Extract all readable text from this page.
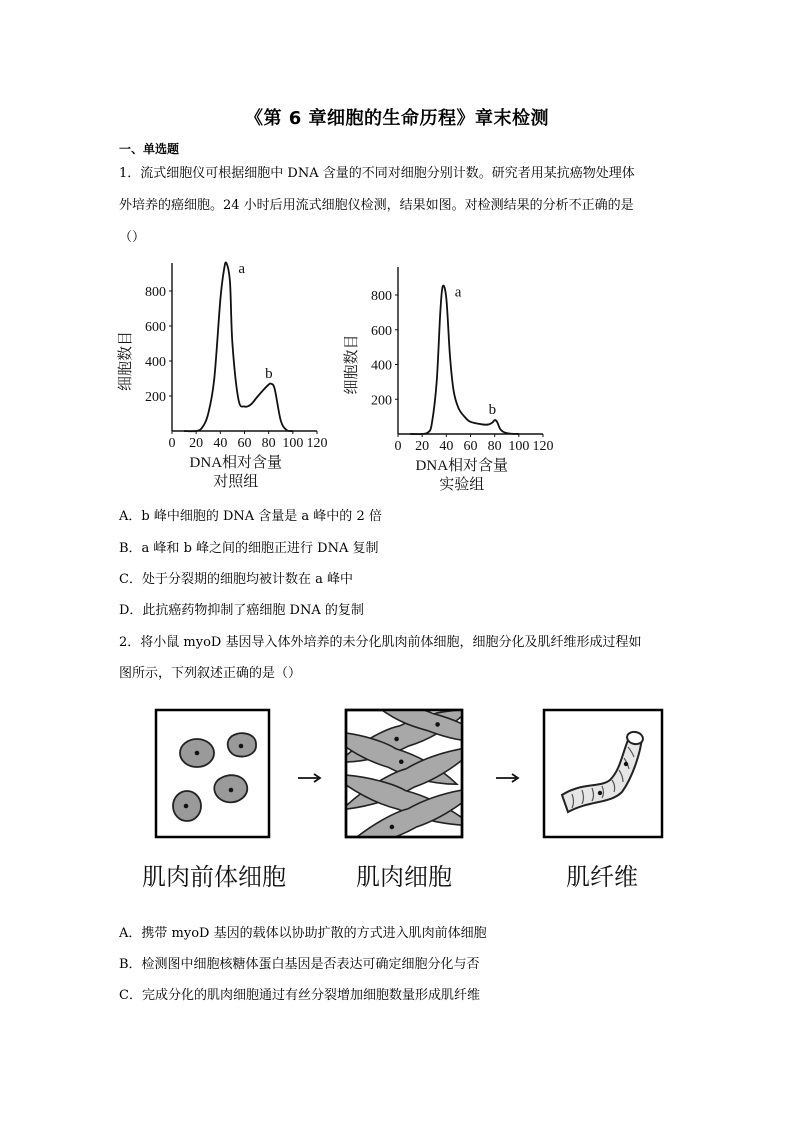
《第 6 章细胞的生命历程》章末检测
一、单选题
1．流式细胞仪可根据细胞中 DNA 含量的不同对细胞分别计数。研究者用某抗癌物处理体
外培养的癌细胞。24 小时后用流式细胞仪检测，结果如图。对检测结果的分析不正确的是
（）
0 20 40 60 80 100 120
200
400
600
800
细胞数目
DNA相对含量
对照组
a
b
0 20 40 60 80 100 120
200
400
600
800
细胞数目
DNA相对含量
实验组
a
b
A．b 峰中细胞的 DNA 含量是 a 峰中的 2 倍
B．a 峰和 b 峰之间的细胞正进行 DNA 复制
C．处于分裂期的细胞均被计数在 a 峰中
D．此抗癌药物抑制了癌细胞 DNA 的复制
2．将小鼠 myoD 基因导入体外培养的未分化肌肉前体细胞，细胞分化及肌纤维形成过程如
图所示，下列叙述正确的是（）
肌肉前体细胞	肌肉细胞	肌纤维
A．携带 myoD 基因的载体以协助扩散的方式进入肌肉前体细胞
B．检测图中细胞核糖体蛋白基因是否表达可确定细胞分化与否
C．完成分化的肌肉细胞通过有丝分裂增加细胞数量形成肌纤维
